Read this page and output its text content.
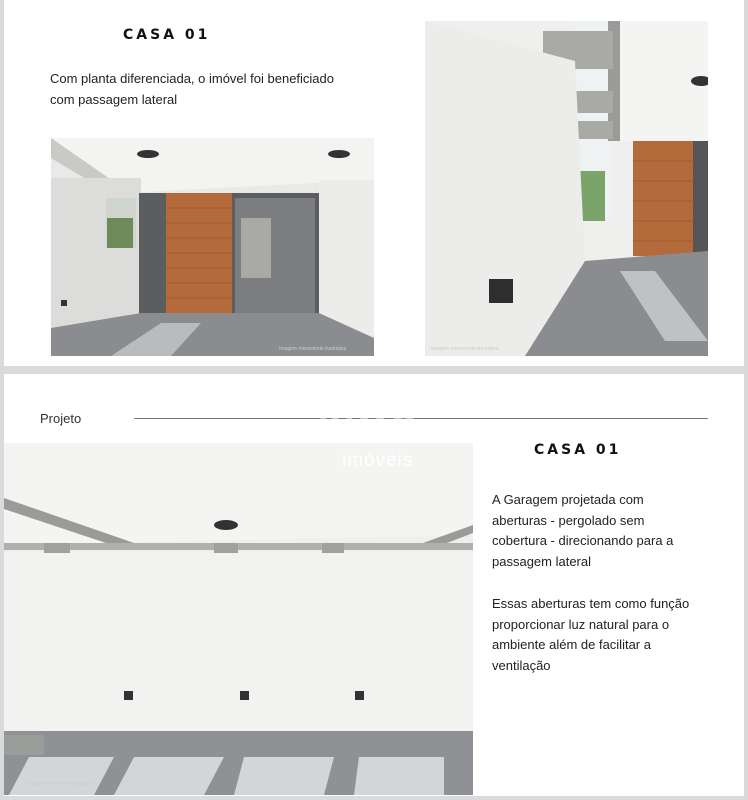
CASA 01
Com planta diferenciada, o imóvel foi beneficiado
com passagem lateral
Imagem meramente ilustrativa	Imagem meramente ilustrativa
Projeto
CASA 01
Imagem meramente ilustrativa
A Garagem projetada com
aberturas - pergolado sem
cobertura - direcionando para a
passagem lateral
Essas aberturas tem como função
proporcionar luz natural para o
ambiente além de facilitar a
ventilação
SIMO
imóveis
